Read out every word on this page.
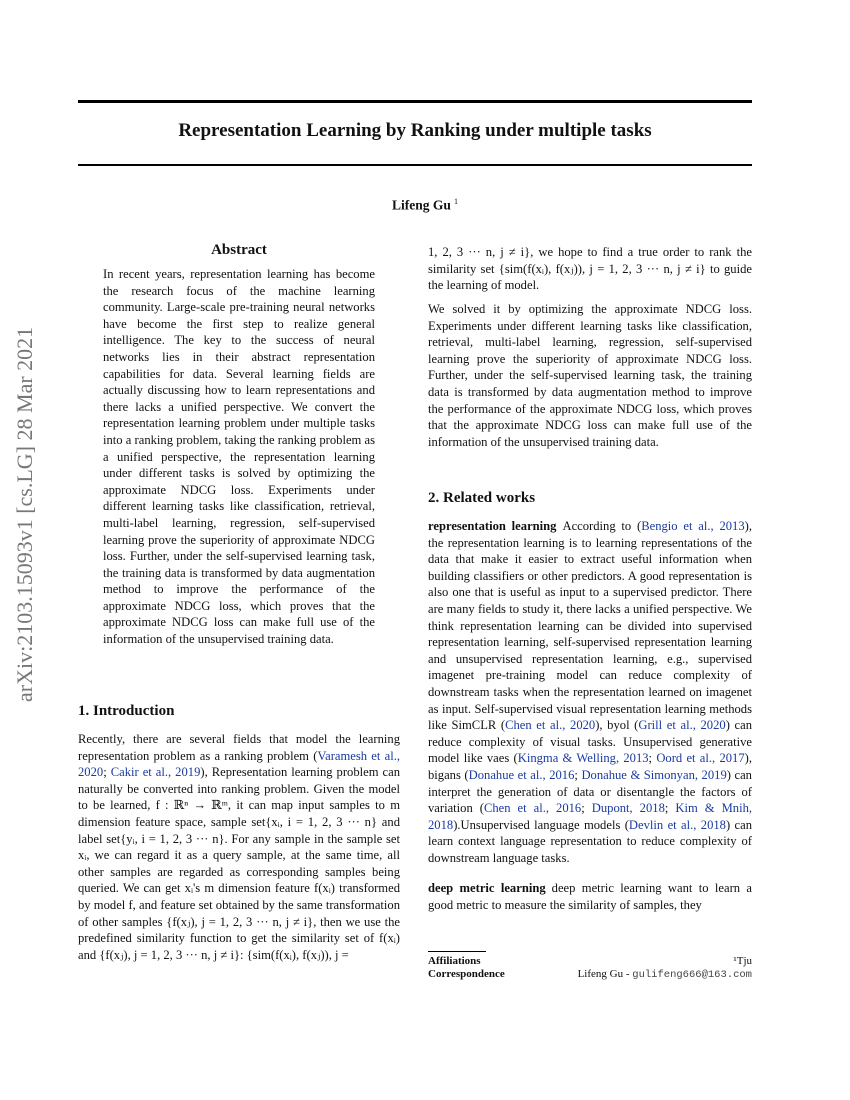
arXiv:2103.15093v1 [cs.LG] 28 Mar 2021
Representation Learning by Ranking under multiple tasks
Lifeng Gu $^1$
Abstract

In recent years, representation learning has become the research focus of the machine learning community. Large-scale pre-training neural networks have become the first step to realize general intelligence. The key to the success of neural networks lies in their abstract representation capabilities for data. Several learning fields are actually discussing how to learn representations and there lacks a unified perspective. We convert the representation learning problem under multiple tasks into a ranking problem, taking the ranking problem as a unified perspective, the representation learning under different tasks is solved by optimizing the approximate NDCG loss. Experiments under different learning tasks like classification, retrieval, multi-label learning, regression, self-supervised learning prove the superiority of approximate NDCG loss. Further, under the self-supervised learning task, the training data is transformed by data augmentation method to improve the performance of the approximate NDCG loss, which proves that the approximate NDCG loss can make full use of the information of the unsupervised training data.

1. Introduction

Recently, there are several fields that model the learning representation problem as a ranking problem (Varamesh et al., 2020; Cakir et al., 2019), Representation learning problem can naturally be converted into ranking problem. Given the model to be learned, f : ℝⁿ → ℝᵐ, it can map input samples to m dimension feature space, sample set{xᵢ, i = 1, 2, 3 ··· n} and label set{yᵢ, i = 1, 2, 3 ··· n}. For any sample in the sample set xᵢ, we can regard it as a query sample, at the same time, all other samples are regarded as corresponding samples being queried. We can get xᵢ's m dimension feature f(xᵢ) transformed by model f, and feature set obtained by the same transformation of other samples {f(xⱼ), j = 1, 2, 3 ··· n, j ≠ i}, then we use the predefined similarity function to get the similarity set of f(xᵢ) and {f(xⱼ), j = 1, 2, 3 ··· n, j ≠ i}: {sim(f(xᵢ), f(xⱼ)), j =

1, 2, 3 ··· n, j ≠ i}, we hope to find a true order to rank the similarity set {sim(f(xᵢ), f(xⱼ)), j = 1, 2, 3 ··· n, j ≠ i} to guide the learning of model.

We solved it by optimizing the approximate NDCG loss. Experiments under different learning tasks like classification, retrieval, multi-label learning, regression, self-supervised learning prove the superiority of approximate NDCG loss. Further, under the self-supervised learning task, the training data is transformed by data augmentation method to improve the performance of the approximate NDCG loss, which proves that the approximate NDCG loss can make full use of the information of the unsupervised training data.

2. Related works

representation learning According to (Bengio et al., 2013), the representation learning is to learning representations of the data that make it easier to extract useful information when building classifiers or other predictors. A good representation is also one that is useful as input to a supervised predictor. There are many fields to study it, there lacks a unified perspective. We think representation learning can be divided into supervised representation learning, self-supervised representation learning and unsupervised representation learning, e.g., supervised imagenet pre-training model can reduce complexity of downstream tasks when the representation learned on imagenet as input. Self-supervised visual representation learning methods like SimCLR (Chen et al., 2020), byol (Grill et al., 2020) can reduce complexity of visual tasks. Unsupervised generative model like vaes (Kingma & Welling, 2013; Oord et al., 2017), bigans (Donahue et al., 2016; Donahue & Simonyan, 2019) can interpret the generation of data or disentangle the factors of variation (Chen et al., 2016; Dupont, 2018; Kim & Mnih, 2018).Unsupervised language models (Devlin et al., 2018) can learn context language representation to reduce complexity of downstream language tasks.

deep metric learning deep metric learning want to learn a good metric to measure the similarity of samples, they

Affiliations	¹Tju
Correspondence	Lifeng Gu - gulifeng666@163.com
